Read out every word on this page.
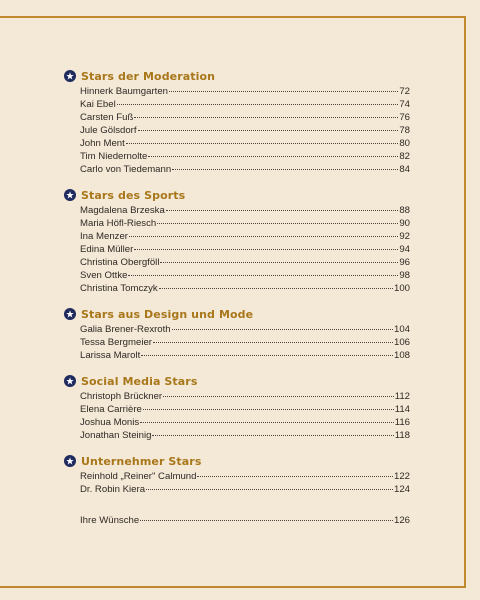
Stars der Moderation
Hinnerk Baumgarten	72
Kai Ebel	74
Carsten Fuß	76
Jule Gölsdorf	78
John Ment	80
Tim Niedernolte	82
Carlo von Tiedemann	84
Stars des Sports
Magdalena Brzeska	88
Maria Höfl-Riesch	90
Ina Menzer	92
Edina Müller	94
Christina Obergföll	96
Sven Ottke	98
Christina Tomczyk	100
Stars aus Design und Mode
Galia Brener-Rexroth	104
Tessa Bergmeier	106
Larissa Marolt	108
Social Media Stars
Christoph Brückner	112
Elena Carrière	114
Joshua Monis	116
Jonathan Steinig	118
Unternehmer Stars
Reinhold „Reiner" Calmund	122
Dr. Robin Kiera	124
Ihre Wünsche	126
